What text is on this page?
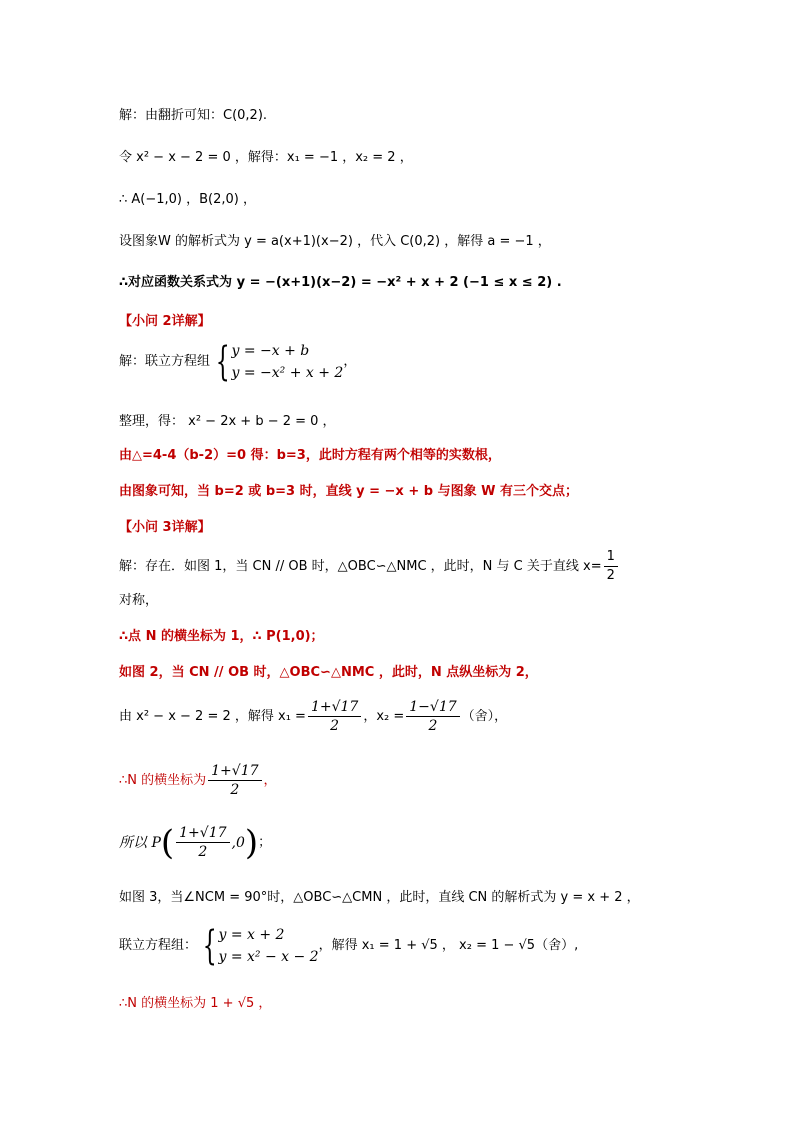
解：由翻折可知：C(0,2).
令 x² − x − 2 = 0 ，解得：x₁ = −1 ，x₂ = 2 ，
∴ A(−1,0) ，B(2,0) ，
设图象W 的解析式为 y = a(x+1)(x−2) ，代入 C(0,2) ，解得 a = −1 ，
∴对应函数关系式为 y = −(x+1)(x−2) = −x² + x + 2 (−1 ≤ x ≤ 2) .
【小问 2详解】
解：联立方程组 { y = −x + b
y = −x² + x + 2
，
整理，得： x² − 2x + b − 2 = 0 ，
由△=4-4（b-2）=0 得：b=3，此时方程有两个相等的实数根，
由图象可知，当 b=2 或 b=3 时，直线 y = −x + b 与图象 W 有三个交点；
【小问 3详解】
解：存在．如图 1，当 CN // OB 时，△OBC∽△NMC ，此时，N 与 C 关于直线 $x= \frac{1}{2}$
对称，
∴点 N 的横坐标为 1，∴ P(1,0)；
如图 2，当 CN // OB 时，△OBC∽△NMC ，此时，N 点纵坐标为 2，
由 x² − x − 2 = 2 ，解得 $x_1 = \frac{1+√17}{2}$ ，$x_2 = \frac{1-√17}{2}$ （舍），
∴N 的横坐标为 $\frac{1+√17}{2}$ ，
所以 P ( $\frac{1+√17}{2} ,0$ ) ；
如图 3，当∠NCM = 90°时，△OBC∽△CMN ，此时，直线 CN 的解析式为 y = x + 2 ，
联立方程组： { y = x + 2
y = x² − x − 2
，解得 x₁ = 1 + √5 ， x₂ = 1 − √5（舍）,
∴N 的横坐标为 1 + √5 ，
